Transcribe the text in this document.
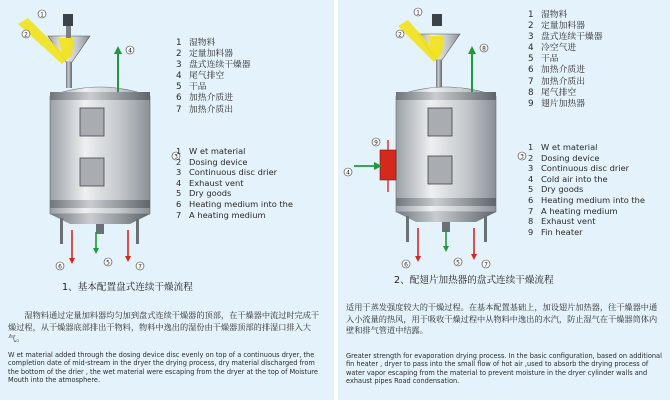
1
2
3
4
5
6	7
1 湿物料
2 定量加料器
3 盘式连续干燥器
4 尾气排空
5 干品
6 加热介质进
7 加热介质出
1 W et material
2 Dosing device
3 Continuous disc drier
4 Exhaust vent
5 Dry goods
6 Heating medium into the
7 A heating medium
1、基本配置盘式连续干燥流程
湿物料通过定量加料器均匀加到盘式连续干燥器的顶部，在干燥器中流过时完成干燥过程，从干燥器底部排出干物料，物料中逸出的湿份由干燥器顶部的排湿口排入大气。
W et material added through the dosing device disc evenly on top of a continuous dryer, the completion date of mid-stream in the dryer the drying process, dry material discharged from the bottom of the drier , the wet material were escaping from the dryer at the top of Moisture Mouth into the atmosphere.
1
2
3
4
5
6	7
8
9
1 湿物料
2 定量加料器
3 盘式连续干燥器
4 冷空气进
5 干品
6 加热介质进
7 加热介质出
8 尾气排空
9 翅片加热器
1 W et material
2 Dosing device
3 Continuous disc drier
4 Cold air into the
5 Dry goods
6 Heating medium into the
7 A heating medium
8 Exhaust vent
9 Fin heater
2、配翅片加热器的盘式连续干燥流程
适用于蒸发强度较大的干燥过程。在基本配置基础上，加设翅片加热器，往干燥器中通入小流量的热风，用于吸收干燥过程中从物料中逸出的水汽，防止湿气在干燥器筒体内壁和排气管道中结露。
Greater strength for evaporation drying process. In the basic configuration, based on additional fin heater , dryer to pass into the small flow of hot air ,used to absorb the drying process of water vapor escaping from the material to prevent moisture in the dryer cylinder walls and exhaust pipes Road condensation.
